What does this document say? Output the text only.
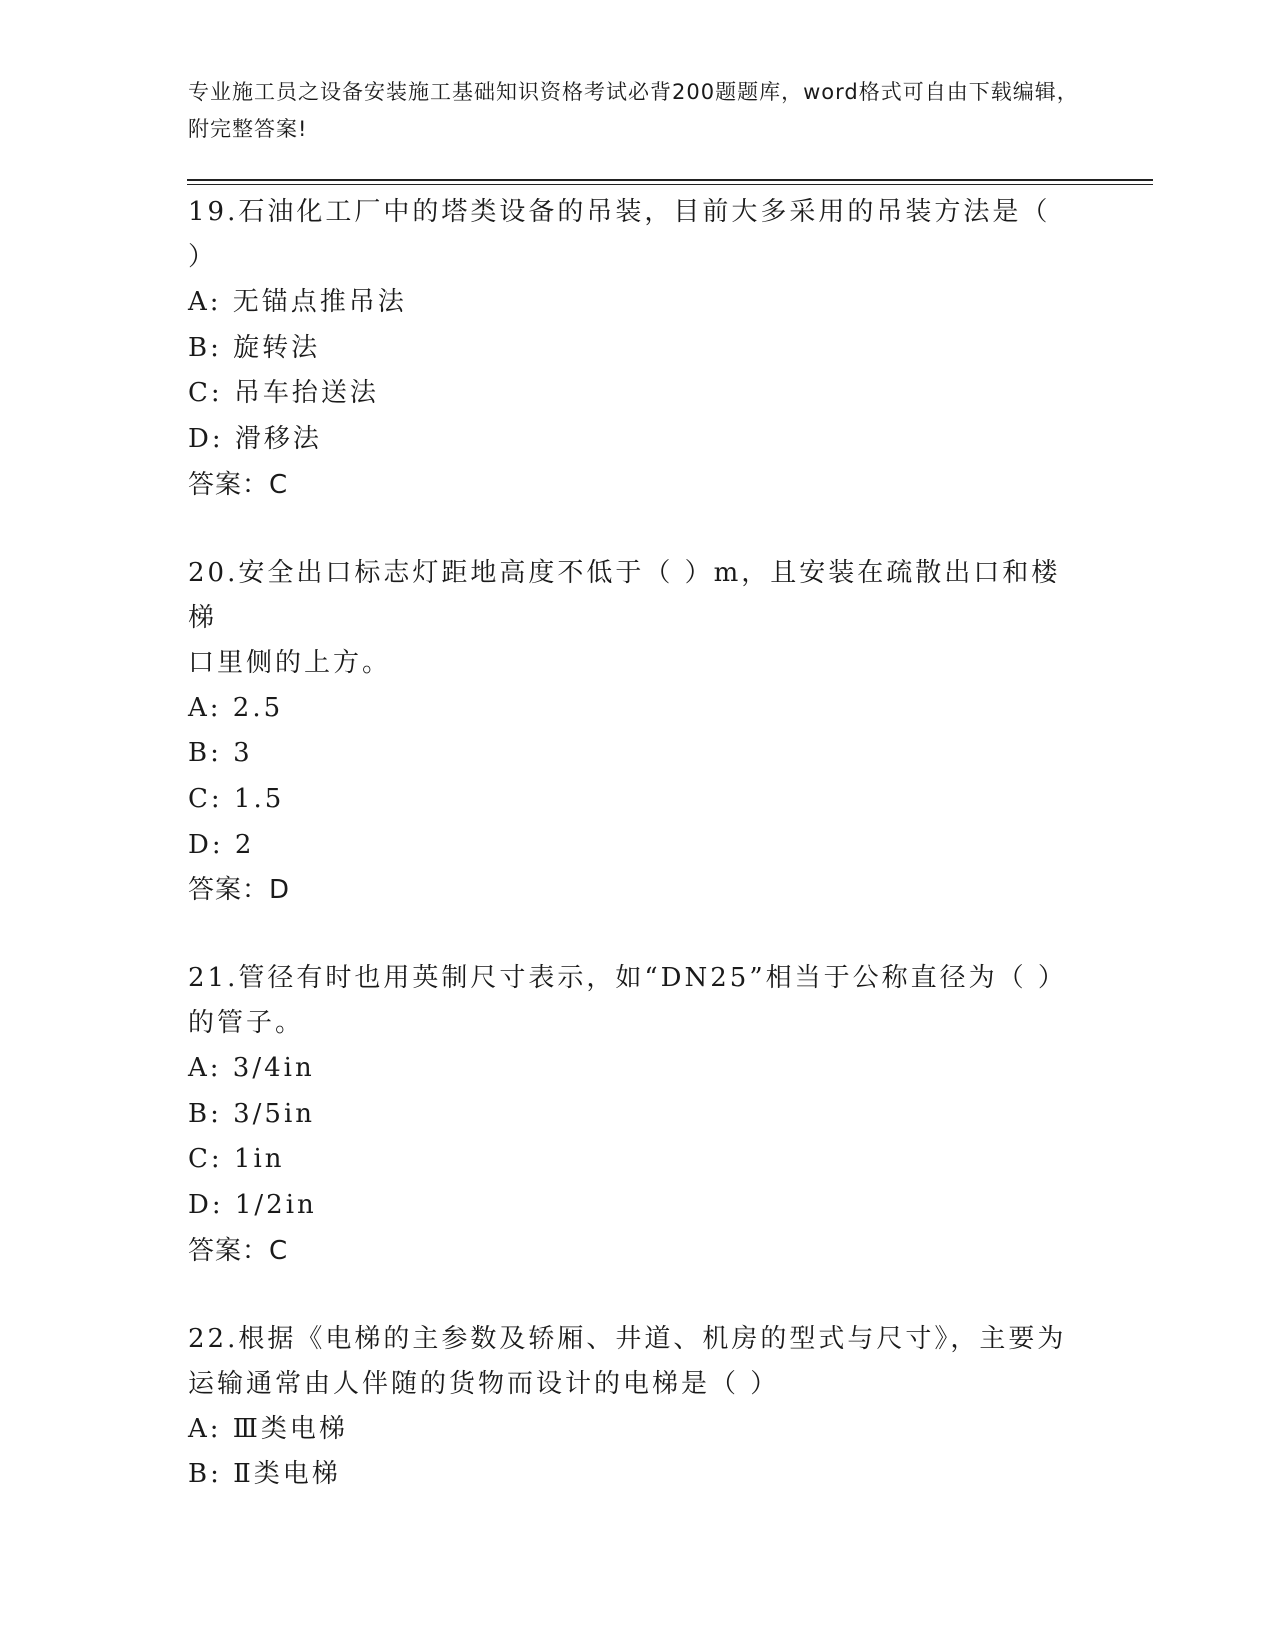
专业施工员之设备安装施工基础知识资格考试必背200题题库，word格式可自由下载编辑，附完整答案!
19.石油化工厂中的塔类设备的吊装，目前大多采用的吊装方法是（
）
A: 无锚点推吊法
B: 旋转法
C: 吊车抬送法
D: 滑移法
答案：C
20.安全出口标志灯距地高度不低于（ ）m，且安装在疏散出口和楼梯
口里侧的上方。
A: 2.5
B: 3
C: 1.5
D: 2
答案：D
21.管径有时也用英制尺寸表示，如“DN25”相当于公称直径为（ ）
的管子。
A: 3/4in
B: 3/5in
C: 1in
D: 1/2in
答案：C
22.根据《电梯的主参数及轿厢、井道、机房的型式与尺寸》，主要为
运输通常由人伴随的货物而设计的电梯是（ ）
A: Ⅲ类电梯
B: Ⅱ类电梯
